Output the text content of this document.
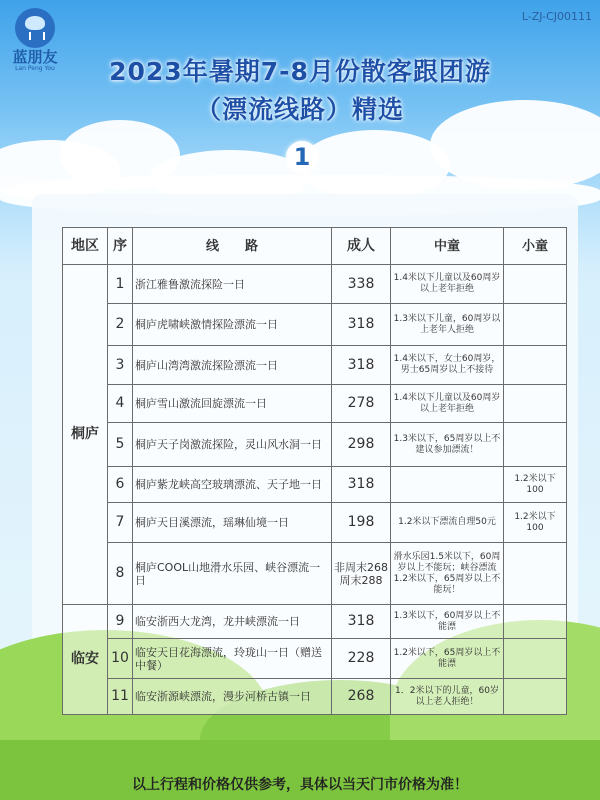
蓝朋友
Lan Peng You
L-ZJ-CJ00111
2023年暑期7-8月份散客跟团游
（漂流线路）精选
1
地区	序	线　　路	成人	中童	小童
桐庐	1	浙江雅鲁激流探险一日	338	1.4米以下儿童以及60周岁以上老年拒绝	
	2	桐庐虎啸峡激情探险漂流一日	318	1.3米以下儿童，60周岁以上老年人拒绝	
	3	桐庐山湾湾激流探险漂流一日	318	1.4米以下，女士60周岁，男士65周岁以上不接待	
	4	桐庐雪山激流回旋漂流一日	278	1.4米以下儿童以及60周岁以上老年拒绝	
	5	桐庐天子岗激流探险，灵山风水洞一日	298	1.3米以下，65周岁以上不建议参加漂流！	
	6	桐庐紫龙峡高空玻璃漂流、天子地一日	318		1.2米以下100
	7	桐庐天目溪漂流，瑶琳仙境一日	198	1.2米以下漂流自理50元	1.2米以下100
	8	桐庐COOL山地滑水乐园、峡谷漂流一日	非周末268 周末288	滑水乐园1.5米以下，60周岁以上不能玩；峡谷漂流1.2米以下，65周岁以上不能玩！	
临安	9	临安浙西大龙湾，龙井峡漂流一日	318	1.3米以下，60周岁以上不能漂	
	10	临安天目花海漂流，玲珑山一日（赠送中餐）	228	1.2米以下，65周岁以上不能漂	
	11	临安浙源峡漂流，漫步河桥古镇一日	268	1．2米以下的儿童，60岁以上老人拒绝！	
以上行程和价格仅供参考，具体以当天门市价格为准！
